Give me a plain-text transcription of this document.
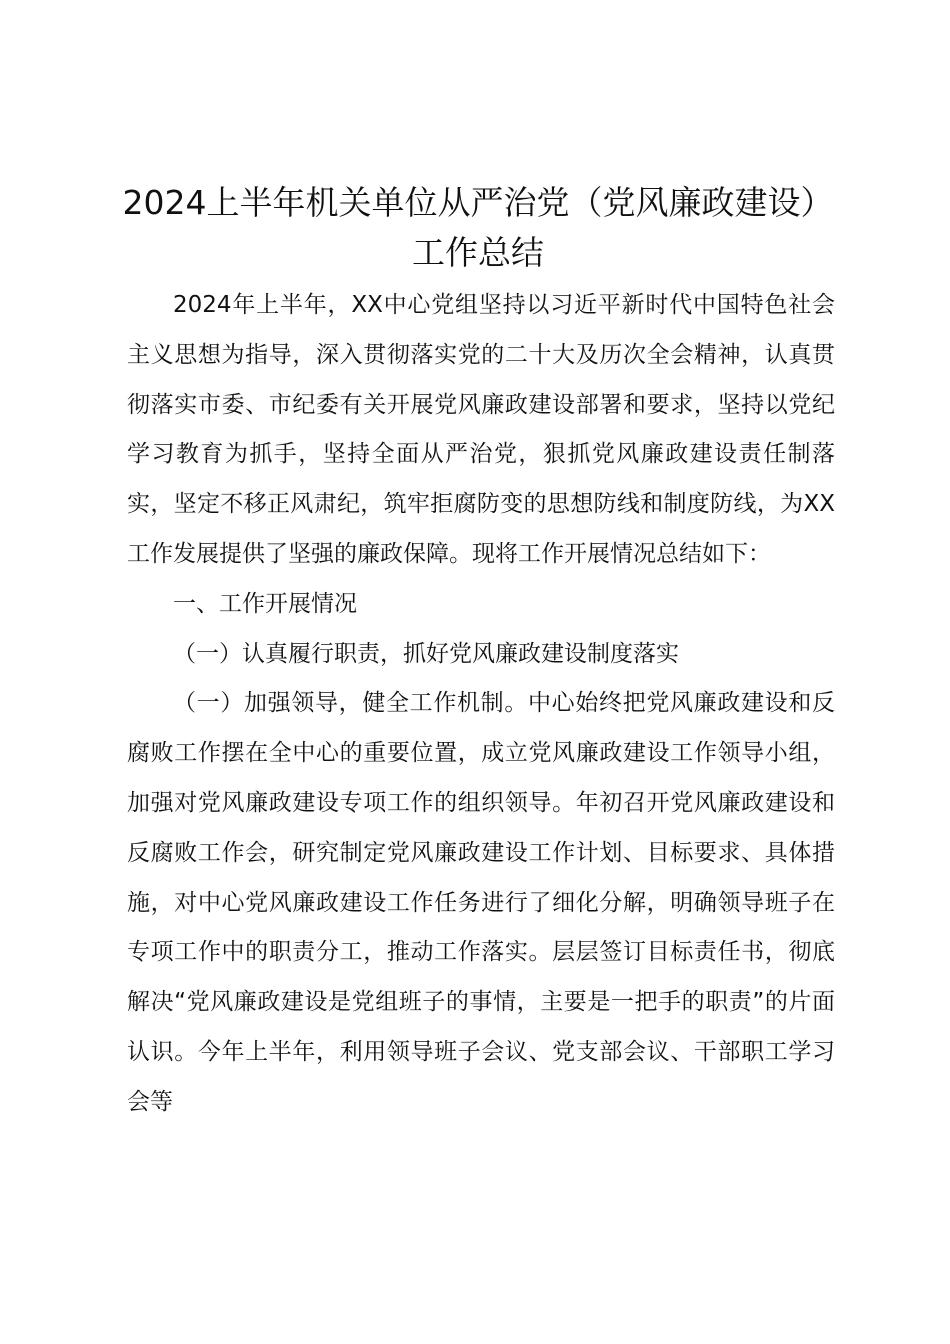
2024上半年机关单位从严治党（党风廉政建设）工作总结

2024年上半年，XX中心党组坚持以习近平新时代中国特色社会主义思想为指导，深入贯彻落实党的二十大及历次全会精神，认真贯彻落实市委、市纪委有关开展党风廉政建设部署和要求，坚持以党纪学习教育为抓手，坚持全面从严治党，狠抓党风廉政建设责任制落实，坚定不移正风肃纪，筑牢拒腐防变的思想防线和制度防线，为XX工作发展提供了坚强的廉政保障。现将工作开展情况总结如下：

一、工作开展情况

（一）认真履行职责，抓好党风廉政建设制度落实

（一）加强领导，健全工作机制。中心始终把党风廉政建设和反腐败工作摆在全中心的重要位置，成立党风廉政建设工作领导小组，加强对党风廉政建设专项工作的组织领导。年初召开党风廉政建设和反腐败工作会，研究制定党风廉政建设工作计划、目标要求、具体措施，对中心党风廉政建设工作任务进行了细化分解，明确领导班子在专项工作中的职责分工，推动工作落实。层层签订目标责任书，彻底解决“党风廉政建设是党组班子的事情，主要是一把手的职责”的片面认识。今年上半年，利用领导班子会议、党支部会议、干部职工学习会等
